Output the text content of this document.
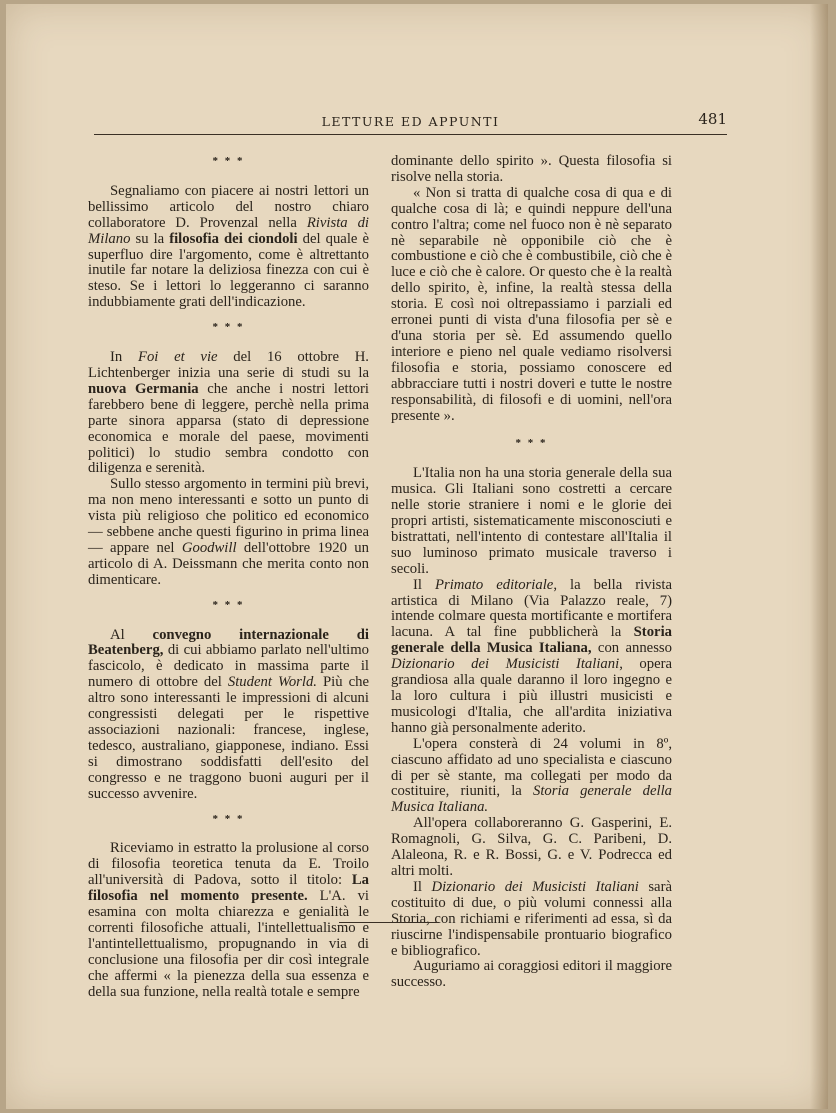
LETTURE ED APPUNTI	481
* * *

Segnaliamo con piacere ai nostri lettori un bellissimo articolo del nostro chiaro collaboratore D. Provenzal nella Rivista di Milano su la filosofia dei ciondoli del quale è superfluo dire l'argomento, come è altrettanto inutile far notare la deliziosa finezza con cui è steso. Se i lettori lo leggeranno ci saranno indubbiamente grati dell'indicazione.

* * *

In Foi et vie del 16 ottobre H. Lichtenberger inizia una serie di studi su la nuova Germania che anche i nostri lettori farebbero bene di leggere, perchè nella prima parte sinora apparsa (stato di depressione economica e morale del paese, movimenti politici) lo studio sembra condotto con diligenza e serenità.

Sullo stesso argomento in termini più brevi, ma non meno interessanti e sotto un punto di vista più religioso che politico ed economico — sebbene anche questi figurino in prima linea — appare nel Goodwill dell'ottobre 1920 un articolo di A. Deissmann che merita conto non dimenticare.

* * *

Al convegno internazionale di Beatenberg, di cui abbiamo parlato nell'ultimo fascicolo, è dedicato in massima parte il numero di ottobre del Student World. Più che altro sono interessanti le impressioni di alcuni congressisti delegati per le rispettive associazioni nazionali: francese, inglese, tedesco, australiano, giapponese, indiano. Essi si dimostrano soddisfatti dell'esito del congresso e ne traggono buoni auguri per il successo avvenire.

* * *

Riceviamo in estratto la prolusione al corso di filosofia teoretica tenuta da E. Troilo all'università di Padova, sotto il titolo: La filosofia nel momento presente. L'A. vi esamina con molta chiarezza e genialità le correnti filosofiche attuali, l'intellettualismo e l'antintellettualismo, propugnando in via di conclusione una filosofia per dir così integrale che affermi « la pienezza della sua essenza e della sua funzione, nella realtà totale e sempre

dominante dello spirito ». Questa filosofia si risolve nella storia.

« Non si tratta di qualche cosa di qua e di qualche cosa di là; e quindi neppure dell'una contro l'altra; come nel fuoco non è nè separato nè separabile nè opponibile ciò che è combustione e ciò che è combustibile, ciò che è luce e ciò che è calore. Or questo che è la realtà dello spirito, è, infine, la realtà stessa della storia. E così noi oltrepassiamo i parziali ed erronei punti di vista d'una filosofia per sè e d'una storia per sè. Ed assumendo quello interiore e pieno nel quale vediamo risolversi filosofia e storia, possiamo conoscere ed abbracciare tutti i nostri doveri e tutte le nostre responsabilità, di filosofi e di uomini, nell'ora presente ».

* * *

L'Italia non ha una storia generale della sua musica. Gli Italiani sono costretti a cercare nelle storie straniere i nomi e le glorie dei propri artisti, sistematicamente misconosciuti e bistrattati, nell'intento di contestare all'Italia il suo luminoso primato musicale traverso i secoli.

Il Primato editoriale, la bella rivista artistica di Milano (Via Palazzo reale, 7) intende colmare questa mortificante e mortifera lacuna. A tal fine pubblicherà la Storia generale della Musica Italiana, con annesso Dizionario dei Musicisti Italiani, opera grandiosa alla quale daranno il loro ingegno e la loro cultura i più illustri musicisti e musicologi d'Italia, che all'ardita iniziativa hanno già personalmente aderito.

L'opera consterà di 24 volumi in 8º, ciascuno affidato ad uno specialista e ciascuno di per sè stante, ma collegati per modo da costituire, riuniti, la Storia generale della Musica Italiana.

All'opera collaboreranno G. Gasperini, E. Romagnoli, G. Silva, G. C. Paribeni, D. Alaleona, R. e R. Bossi, G. e V. Podrecca ed altri molti.

Il Dizionario dei Musicisti Italiani sarà costituito di due, o più volumi connessi alla Storia, con richiami e riferimenti ad essa, sì da riuscirne l'indispensabile prontuario biografico e bibliografico.

Auguriamo ai coraggiosi editori il maggiore successo.
